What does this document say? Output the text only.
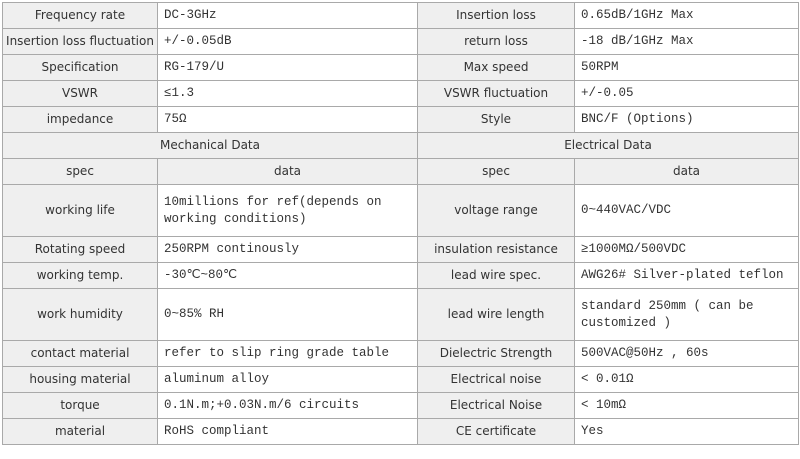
Frequency rate	DC-3GHz	Insertion loss	0.65dB/1GHz Max
Insertion loss fluctuation	+/-0.05dB	return loss	-18 dB/1GHz Max
Specification	RG-179/U	Max speed	50RPM
VSWR	≤1.3	VSWR fluctuation	+/-0.05
impedance	75Ω	Style	BNC/F (Options)
Mechanical Data		Electrical Data	
spec	data	spec	data
working life	10millions for ref(depends on working conditions)	voltage range	0~440VAC/VDC
Rotating speed	250RPM continously	insulation resistance	≥1000MΩ/500VDC
working temp.	-30℃~80℃	lead wire spec.	AWG26# Silver-plated teflon
work humidity	0~85% RH	lead wire length	standard 250mm ( can be customized )
contact material	refer to slip ring grade table	Dielectric Strength	500VAC@50Hz , 60s
housing material	aluminum alloy	Electrical noise	< 0.01Ω
torque	0.1N.m;+0.03N.m/6 circuits	Electrical Noise	< 10mΩ
material	RoHS compliant	CE certificate	Yes
